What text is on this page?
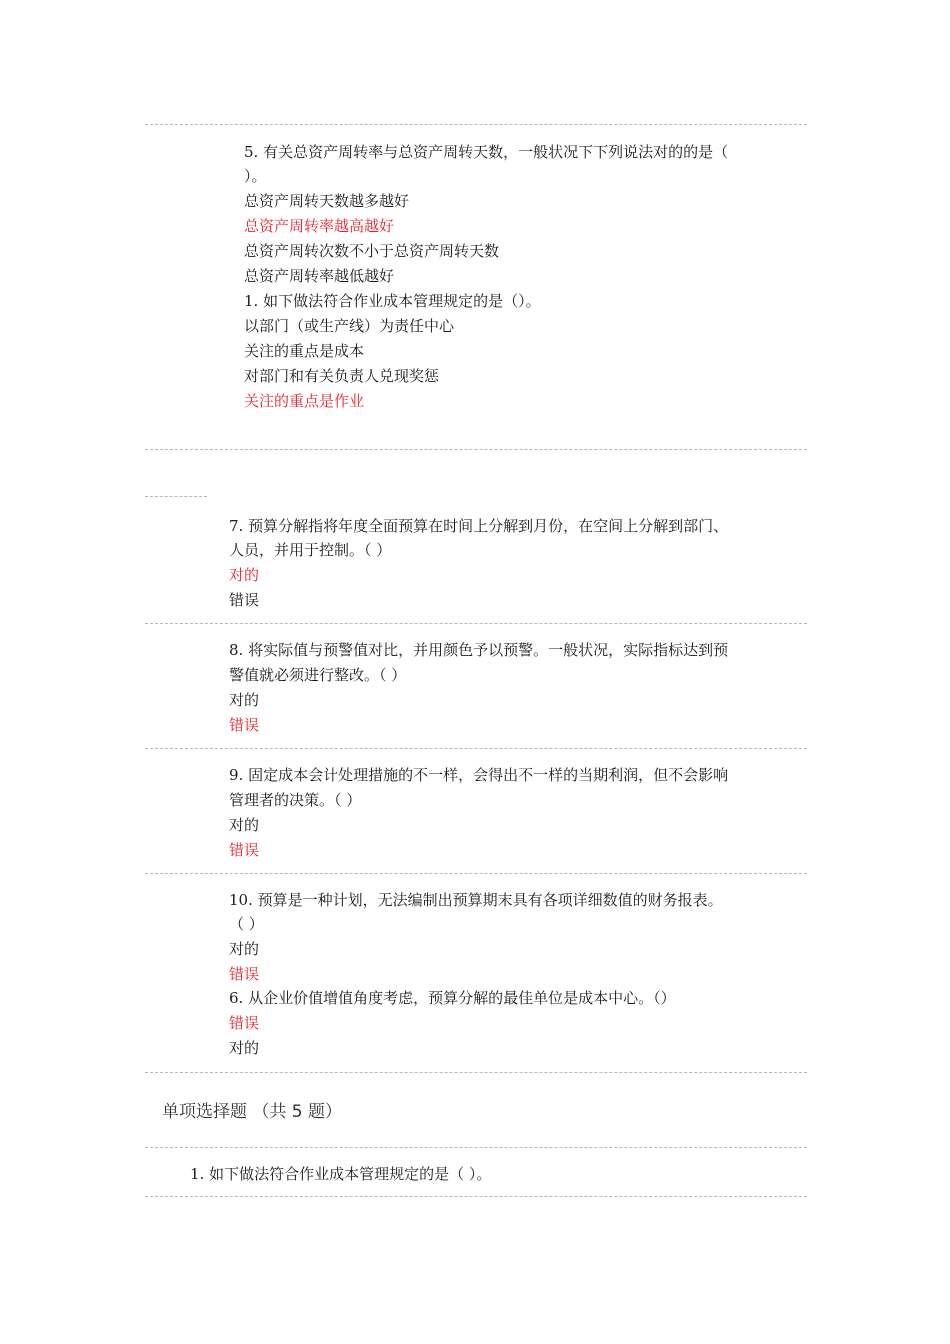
5. 有关总资产周转率与总资产周转天数，一般状况下下列说法对的的是（
）。
总资产周转天数越多越好
总资产周转率越高越好
总资产周转次数不小于总资产周转天数
总资产周转率越低越好
1. 如下做法符合作业成本管理规定的是（）。
以部门（或生产线）为责任中心
关注的重点是成本
对部门和有关负责人兑现奖惩
关注的重点是作业
7. 预算分解指将年度全面预算在时间上分解到月份，在空间上分解到部门、
人员，并用于控制。（ ）
对的
错误
8. 将实际值与预警值对比，并用颜色予以预警。一般状况，实际指标达到预
警值就必须进行整改。（ ）
对的
错误
9. 固定成本会计处理措施的不一样，会得出不一样的当期利润，但不会影响
管理者的决策。（ ）
对的
错误
10. 预算是一种计划，无法编制出预算期末具有各项详细数值的财务报表。
（ ）
对的
错误
6. 从企业价值增值角度考虑，预算分解的最佳单位是成本中心。（）
错误
对的
单项选择题 （共 5 题）
1. 如下做法符合作业成本管理规定的是（ ）。
